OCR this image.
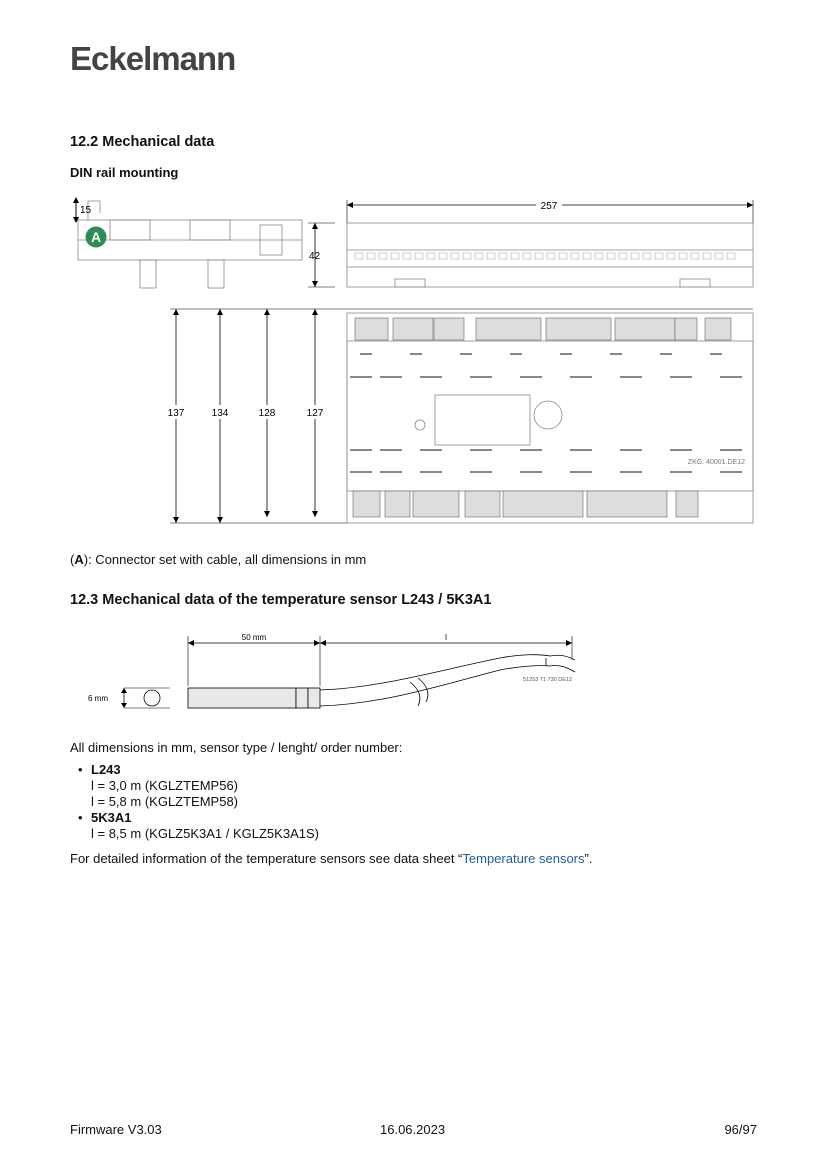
Eckelmann
12.2 Mechanical data
DIN rail mounting
A
15
42
257
137	134	128	127
ZKG: 40001.DE12
(A): Connector set with cable, all dimensions in mm
12.3 Mechanical data of the temperature sensor L243 / 5K3A1
50 mm	l
6 mm
51253 71 730 DE12
All dimensions in mm, sensor type / lenght/ order number:
• L243
l = 3,0 m (KGLZTEMP56)
l = 5,8 m (KGLZTEMP58)
• 5K3A1
l = 8,5 m (KGLZ5K3A1 / KGLZ5K3A1S)
For detailed information of the temperature sensors see data sheet “Temperature sensors”.
Firmware V3.03	16.06.2023	96/97
